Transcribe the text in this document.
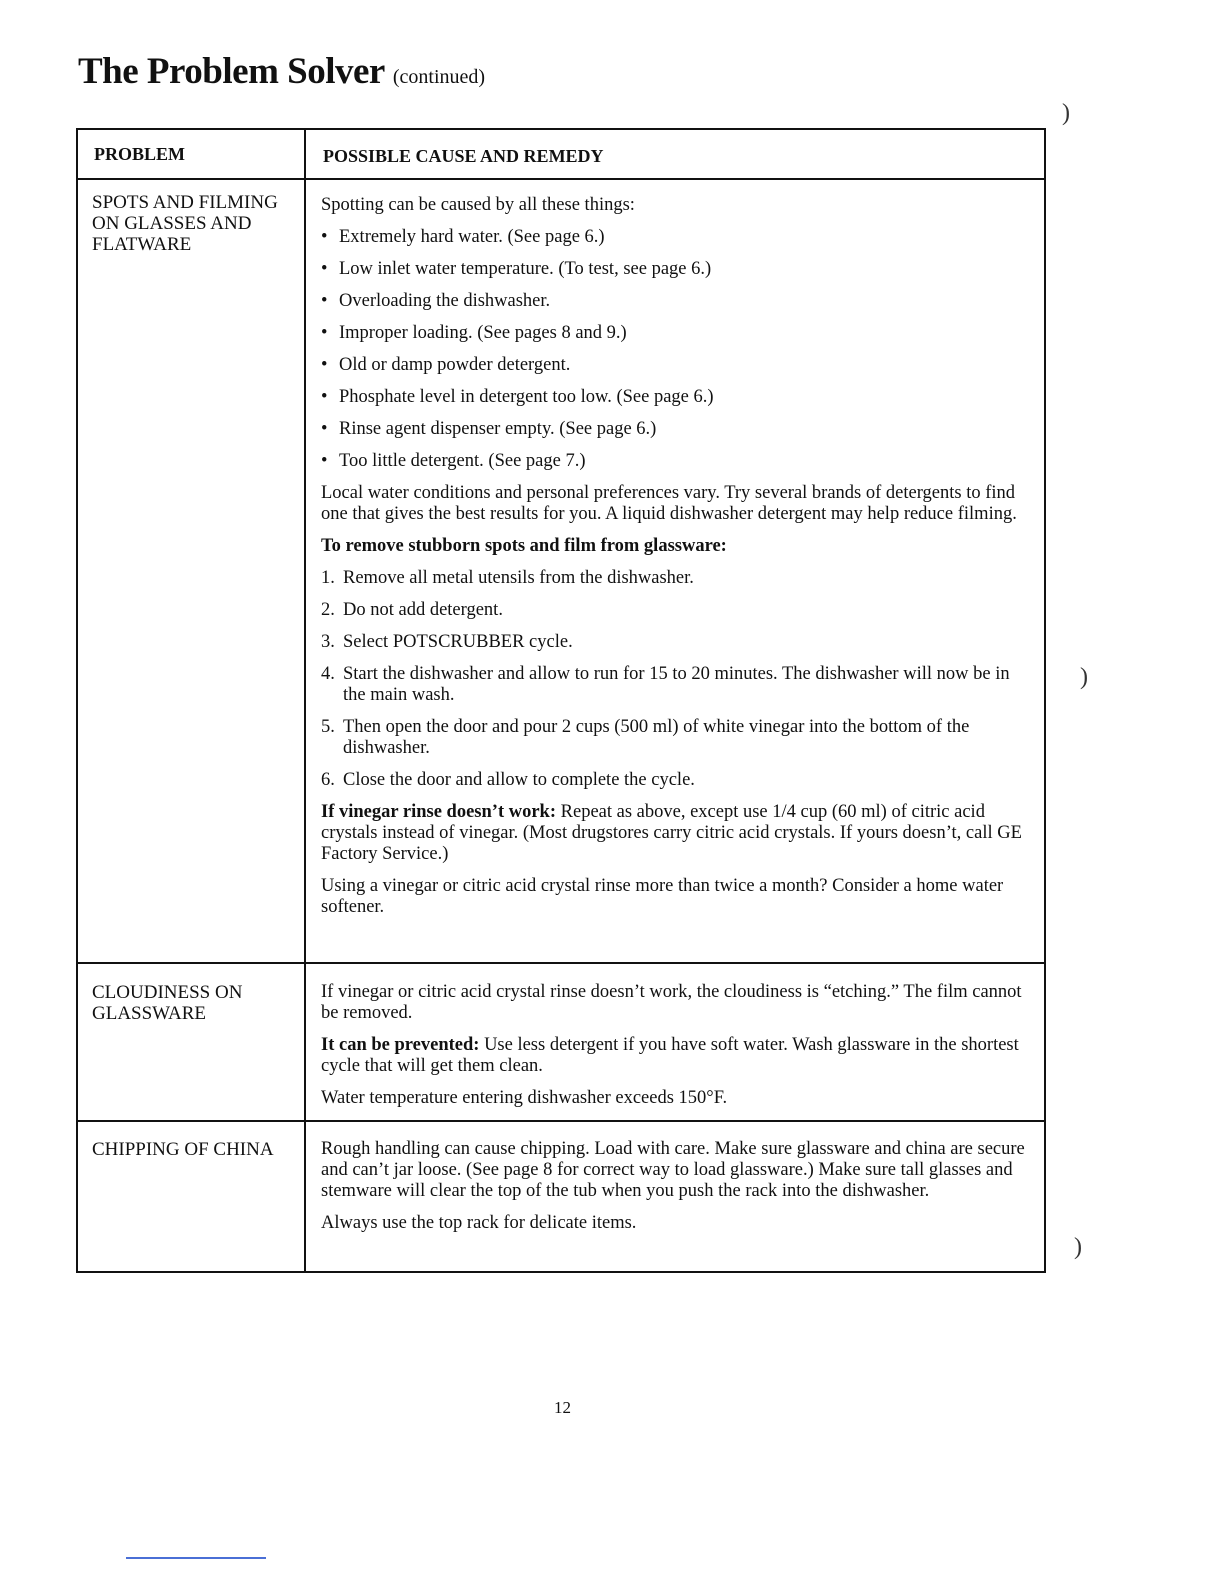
The Problem Solver (continued)
PROBLEM	POSSIBLE CAUSE AND REMEDY
SPOTS AND FILMING ON GLASSES AND FLATWARE

Spotting can be caused by all these things:

• Extremely hard water. (See page 6.)
• Low inlet water temperature. (To test, see page 6.)
• Overloading the dishwasher.
• Improper loading. (See pages 8 and 9.)
• Old or damp powder detergent.
• Phosphate level in detergent too low. (See page 6.)
• Rinse agent dispenser empty. (See page 6.)
• Too little detergent. (See page 7.)

Local water conditions and personal preferences vary. Try several brands of detergents to find one that gives the best results for you. A liquid dishwasher detergent may help reduce filming.

To remove stubborn spots and film from glassware:

1. Remove all metal utensils from the dishwasher.
2. Do not add detergent.
3. Select POTSCRUBBER cycle.
4. Start the dishwasher and allow to run for 15 to 20 minutes. The dishwasher will now be in the main wash.
5. Then open the door and pour 2 cups (500 ml) of white vinegar into the bottom of the dishwasher.
6. Close the door and allow to complete the cycle.

If vinegar rinse doesn’t work: Repeat as above, except use 1/4 cup (60 ml) of citric acid crystals instead of vinegar. (Most drugstores carry citric acid crystals. If yours doesn’t, call GE Factory Service.)

Using a vinegar or citric acid crystal rinse more than twice a month? Consider a home water softener.

CLOUDINESS ON GLASSWARE

If vinegar or citric acid crystal rinse doesn’t work, the cloudiness is “etching.” The film cannot be removed.

It can be prevented: Use less detergent if you have soft water. Wash glassware in the shortest cycle that will get them clean.

Water temperature entering dishwasher exceeds 150°F.

CHIPPING OF CHINA	Rough handling can cause chipping. Load with care. Make sure glassware and china are secure and can’t jar loose. (See page 8 for correct way to load glassware.) Make sure tall glasses and stemware will clear the top of the tub when you push the rack into the dishwasher.

Always use the top rack for delicate items.

)
)
)
12
